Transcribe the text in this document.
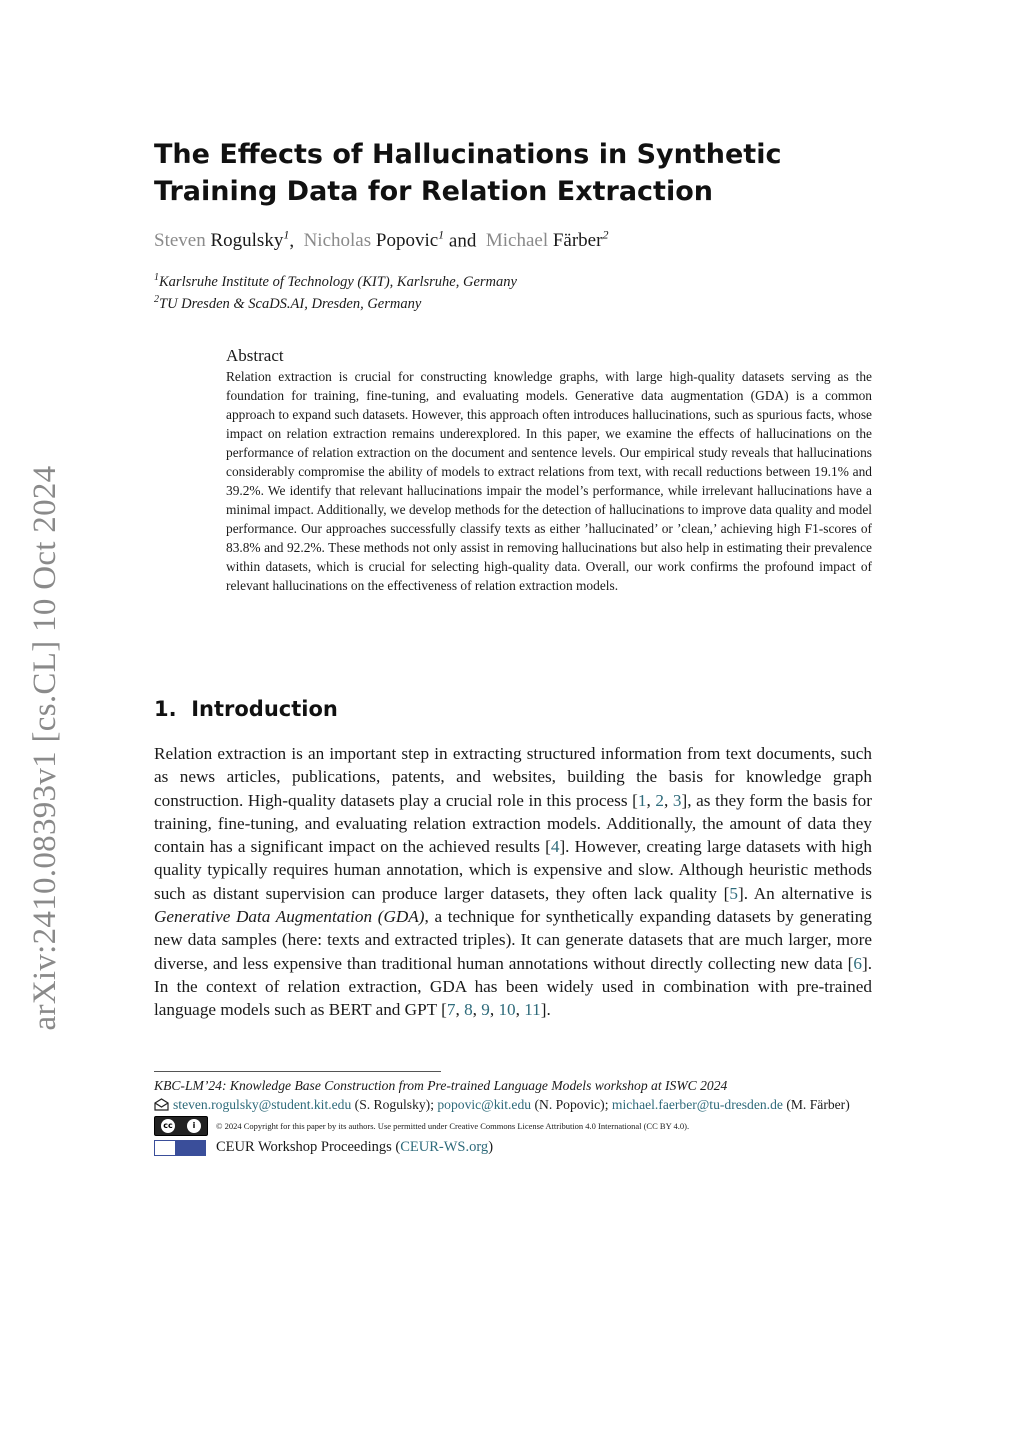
arXiv:2410.08393v1 [cs.CL] 10 Oct 2024
The Effects of Hallucinations in Synthetic Training Data for Relation Extraction
Steven Rogulsky$^1$, Nicholas Popovic$^1$ and Michael Färber$^2$
$^1$Karlsruhe Institute of Technology (KIT), Karlsruhe, Germany
$^2$TU Dresden & ScaDS.AI, Dresden, Germany
Abstract
Relation extraction is crucial for constructing knowledge graphs, with large high-quality datasets serving as the foundation for training, fine-tuning, and evaluating models. Generative data augmentation (GDA) is a common approach to expand such datasets. However, this approach often introduces hallucinations, such as spurious facts, whose impact on relation extraction remains underexplored. In this paper, we examine the effects of hallucinations on the performance of relation extraction on the document and sentence levels. Our empirical study reveals that hallucinations considerably compromise the ability of models to extract relations from text, with recall reductions between 19.1% and 39.2%. We identify that relevant hallucinations impair the model’s performance, while irrelevant hallucinations have a minimal impact. Additionally, we develop methods for the detection of hallucinations to improve data quality and model performance. Our approaches successfully classify texts as either ’hallucinated’ or ’clean,’ achieving high F1-scores of 83.8% and 92.2%. These methods not only assist in removing hallucinations but also help in estimating their prevalence within datasets, which is crucial for selecting high-quality data. Overall, our work confirms the profound impact of relevant hallucinations on the effectiveness of relation extraction models.
1. Introduction
Relation extraction is an important step in extracting structured information from text documents, such as news articles, publications, patents, and websites, building the basis for knowledge graph construction. High-quality datasets play a crucial role in this process [1, 2, 3], as they form the basis for training, fine-tuning, and evaluating relation extraction models. Additionally, the amount of data they contain has a significant impact on the achieved results [4]. However, creating large datasets with high quality typically requires human annotation, which is expensive and slow. Although heuristic methods such as distant supervision can produce larger datasets, they often lack quality [5]. An alternative is Generative Data Augmentation (GDA), a technique for synthetically expanding datasets by generating new data samples (here: texts and extracted triples). It can generate datasets that are much larger, more diverse, and less expensive than traditional human annotations without directly collecting new data [6]. In the context of relation extraction, GDA has been widely used in combination with pre-trained language models such as BERT and GPT [7, 8, 9, 10, 11].
KBC-LM’24: Knowledge Base Construction from Pre-trained Language Models workshop at ISWC 2024
steven.rogulsky@student.kit.edu (S. Rogulsky); popovic@kit.edu (N. Popovic); michael.faerber@tu-dresden.de (M. Färber)
cc	i	© 2024 Copyright for this paper by its authors. Use permitted under Creative Commons License Attribution 4.0 International (CC BY 4.0).
CEUR Workshop Proceedings (CEUR-WS.org)
